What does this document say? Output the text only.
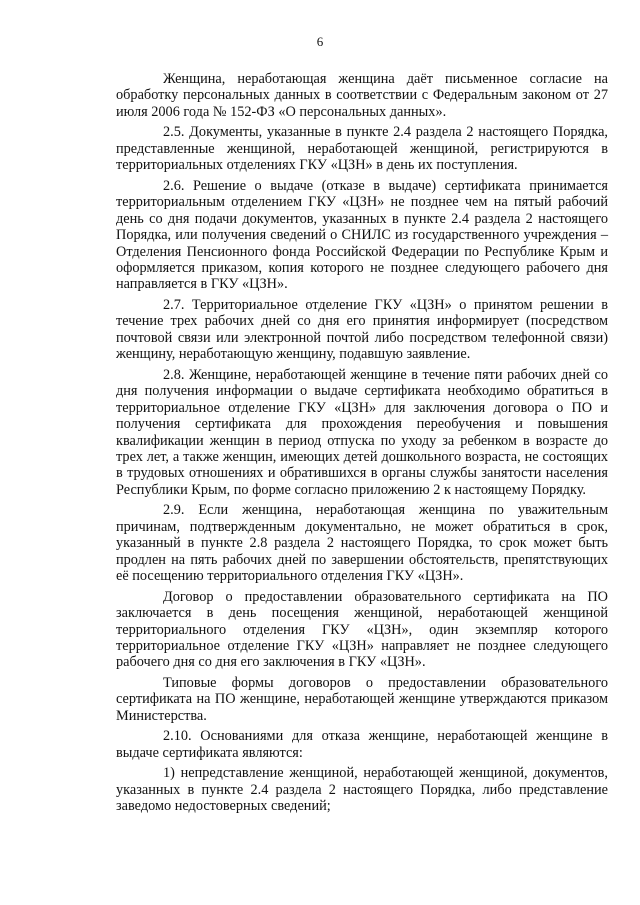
6

Женщина, неработающая женщина даёт письменное согласие на обработку персональных данных в соответствии с Федеральным законом от 27 июля 2006 года № 152-ФЗ «О персональных данных».

2.5. Документы, указанные в пункте 2.4 раздела 2 настоящего Порядка, представленные женщиной, неработающей женщиной, регистрируются в территориальных отделениях ГКУ «ЦЗН» в день их поступления.

2.6. Решение о выдаче (отказе в выдаче) сертификата принимается территориальным отделением ГКУ «ЦЗН» не позднее чем на пятый рабочий день со дня подачи документов, указанных в пункте 2.4 раздела 2 настоящего Порядка, или получения сведений о СНИЛС из государственного учреждения – Отделения Пенсионного фонда Российской Федерации по Республике Крым и оформляется приказом, копия которого не позднее следующего рабочего дня направляется в ГКУ «ЦЗН».

2.7. Территориальное отделение ГКУ «ЦЗН» о принятом решении в течение трех рабочих дней со дня его принятия информирует (посредством почтовой связи или электронной почтой либо посредством телефонной связи) женщину, неработающую женщину, подавшую заявление.

2.8. Женщине, неработающей женщине в течение пяти рабочих дней со дня получения информации о выдаче сертификата необходимо обратиться в территориальное отделение ГКУ «ЦЗН» для заключения договора о ПО и получения сертификата для прохождения переобучения и повышения квалификации женщин в период отпуска по уходу за ребенком в возрасте до трех лет, а также женщин, имеющих детей дошкольного возраста, не состоящих в трудовых отношениях и обратившихся в органы службы занятости населения Республики Крым, по форме согласно приложению 2 к настоящему Порядку.

2.9. Если женщина, неработающая женщина по уважительным причинам, подтвержденным документально, не может обратиться в срок, указанный в пункте 2.8 раздела 2 настоящего Порядка, то срок может быть продлен на пять рабочих дней по завершении обстоятельств, препятствующих её посещению территориального отделения ГКУ «ЦЗН».

Договор о предоставлении образовательного сертификата на ПО заключается в день посещения женщиной, неработающей женщиной территориального отделения ГКУ «ЦЗН», один экземпляр которого территориальное отделение ГКУ «ЦЗН» направляет не позднее следующего рабочего дня со дня его заключения в ГКУ «ЦЗН».

Типовые формы договоров о предоставлении образовательного сертификата на ПО женщине, неработающей женщине утверждаются приказом Министерства.

2.10. Основаниями для отказа женщине, неработающей женщине в выдаче сертификата являются:

1) непредставление женщиной, неработающей женщиной, документов, указанных в пункте 2.4 раздела 2 настоящего Порядка, либо представление заведомо недостоверных сведений;
